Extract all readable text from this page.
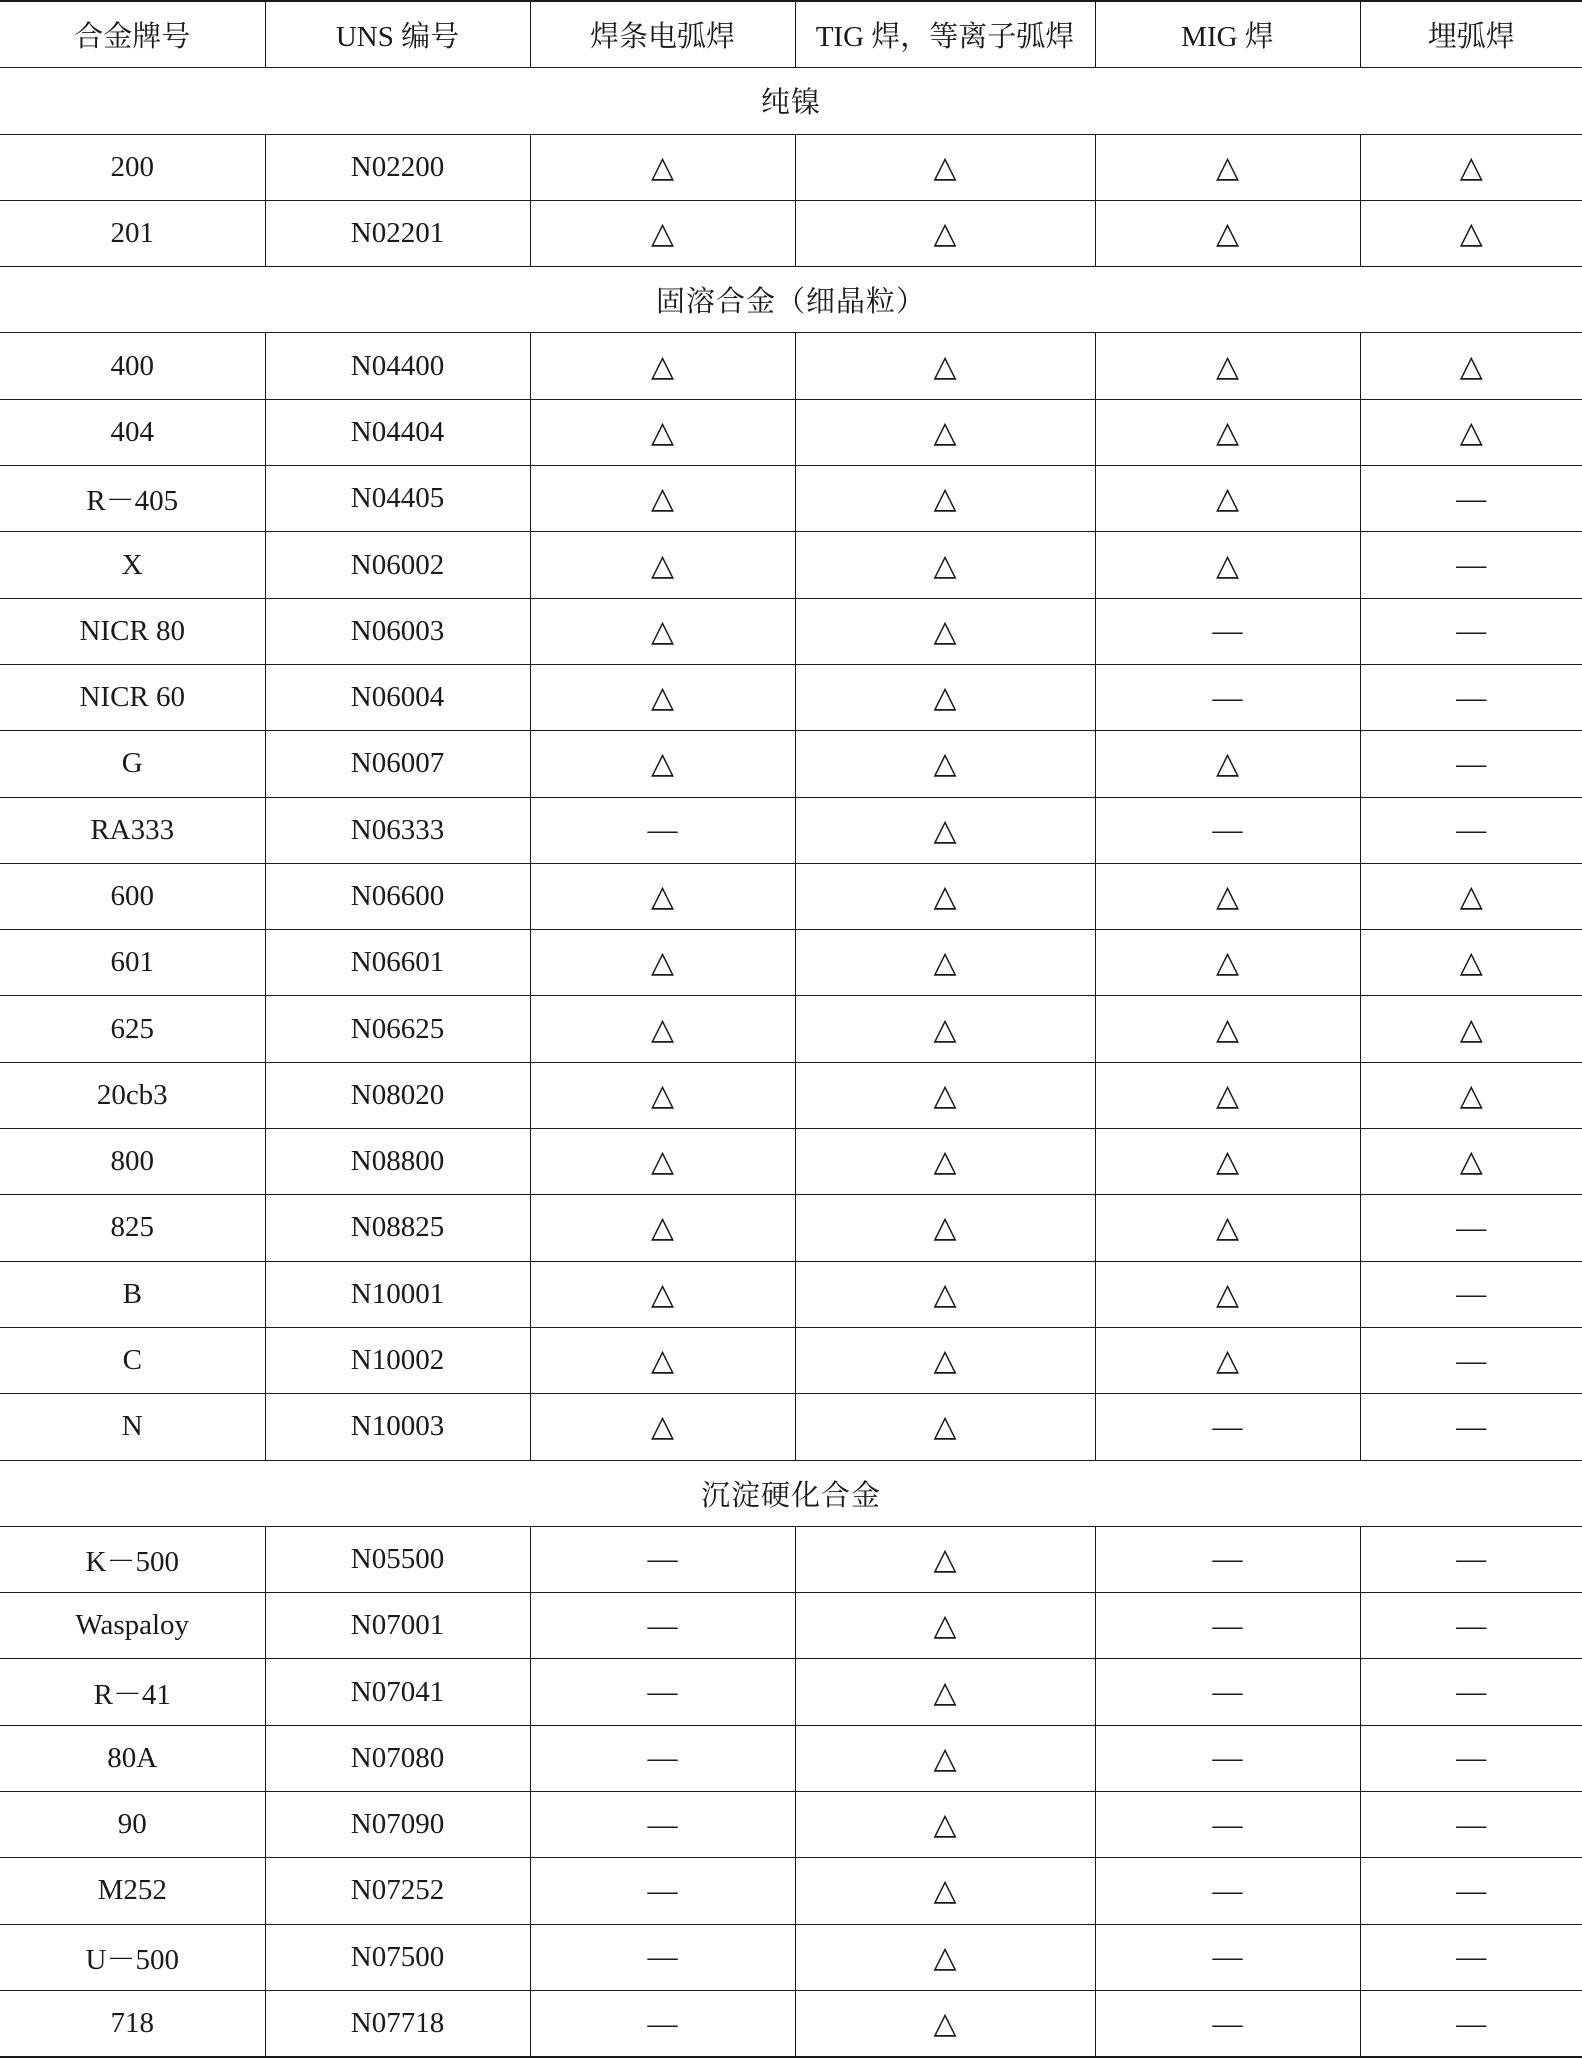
合金牌号	UNS 编号	焊条电弧焊	TIG 焊，等离子弧焊	MIG 焊	埋弧焊
纯镍					
200	N02200	△	△	△	△
201	N02201	△	△	△	△
固溶合金（细晶粒）					
400	N04400	△	△	△	△
404	N04404	△	△	△	△
R－405	N04405	△	△	△	—
X	N06002	△	△	△	—
NICR 80	N06003	△	△	—	—
NICR 60	N06004	△	△	—	—
G	N06007	△	△	△	—
RA333	N06333	—	△	—	—
600	N06600	△	△	△	△
601	N06601	△	△	△	△
625	N06625	△	△	△	△
20cb3	N08020	△	△	△	△
800	N08800	△	△	△	△
825	N08825	△	△	△	—
B	N10001	△	△	△	—
C	N10002	△	△	△	—
N	N10003	△	△	—	—
沉淀硬化合金					
K－500	N05500	—	△	—	—
Waspaloy	N07001	—	△	—	—
R－41	N07041	—	△	—	—
80A	N07080	—	△	—	—
90	N07090	—	△	—	—
M252	N07252	—	△	—	—
U－500	N07500	—	△	—	—
718	N07718	—	△	—	—
